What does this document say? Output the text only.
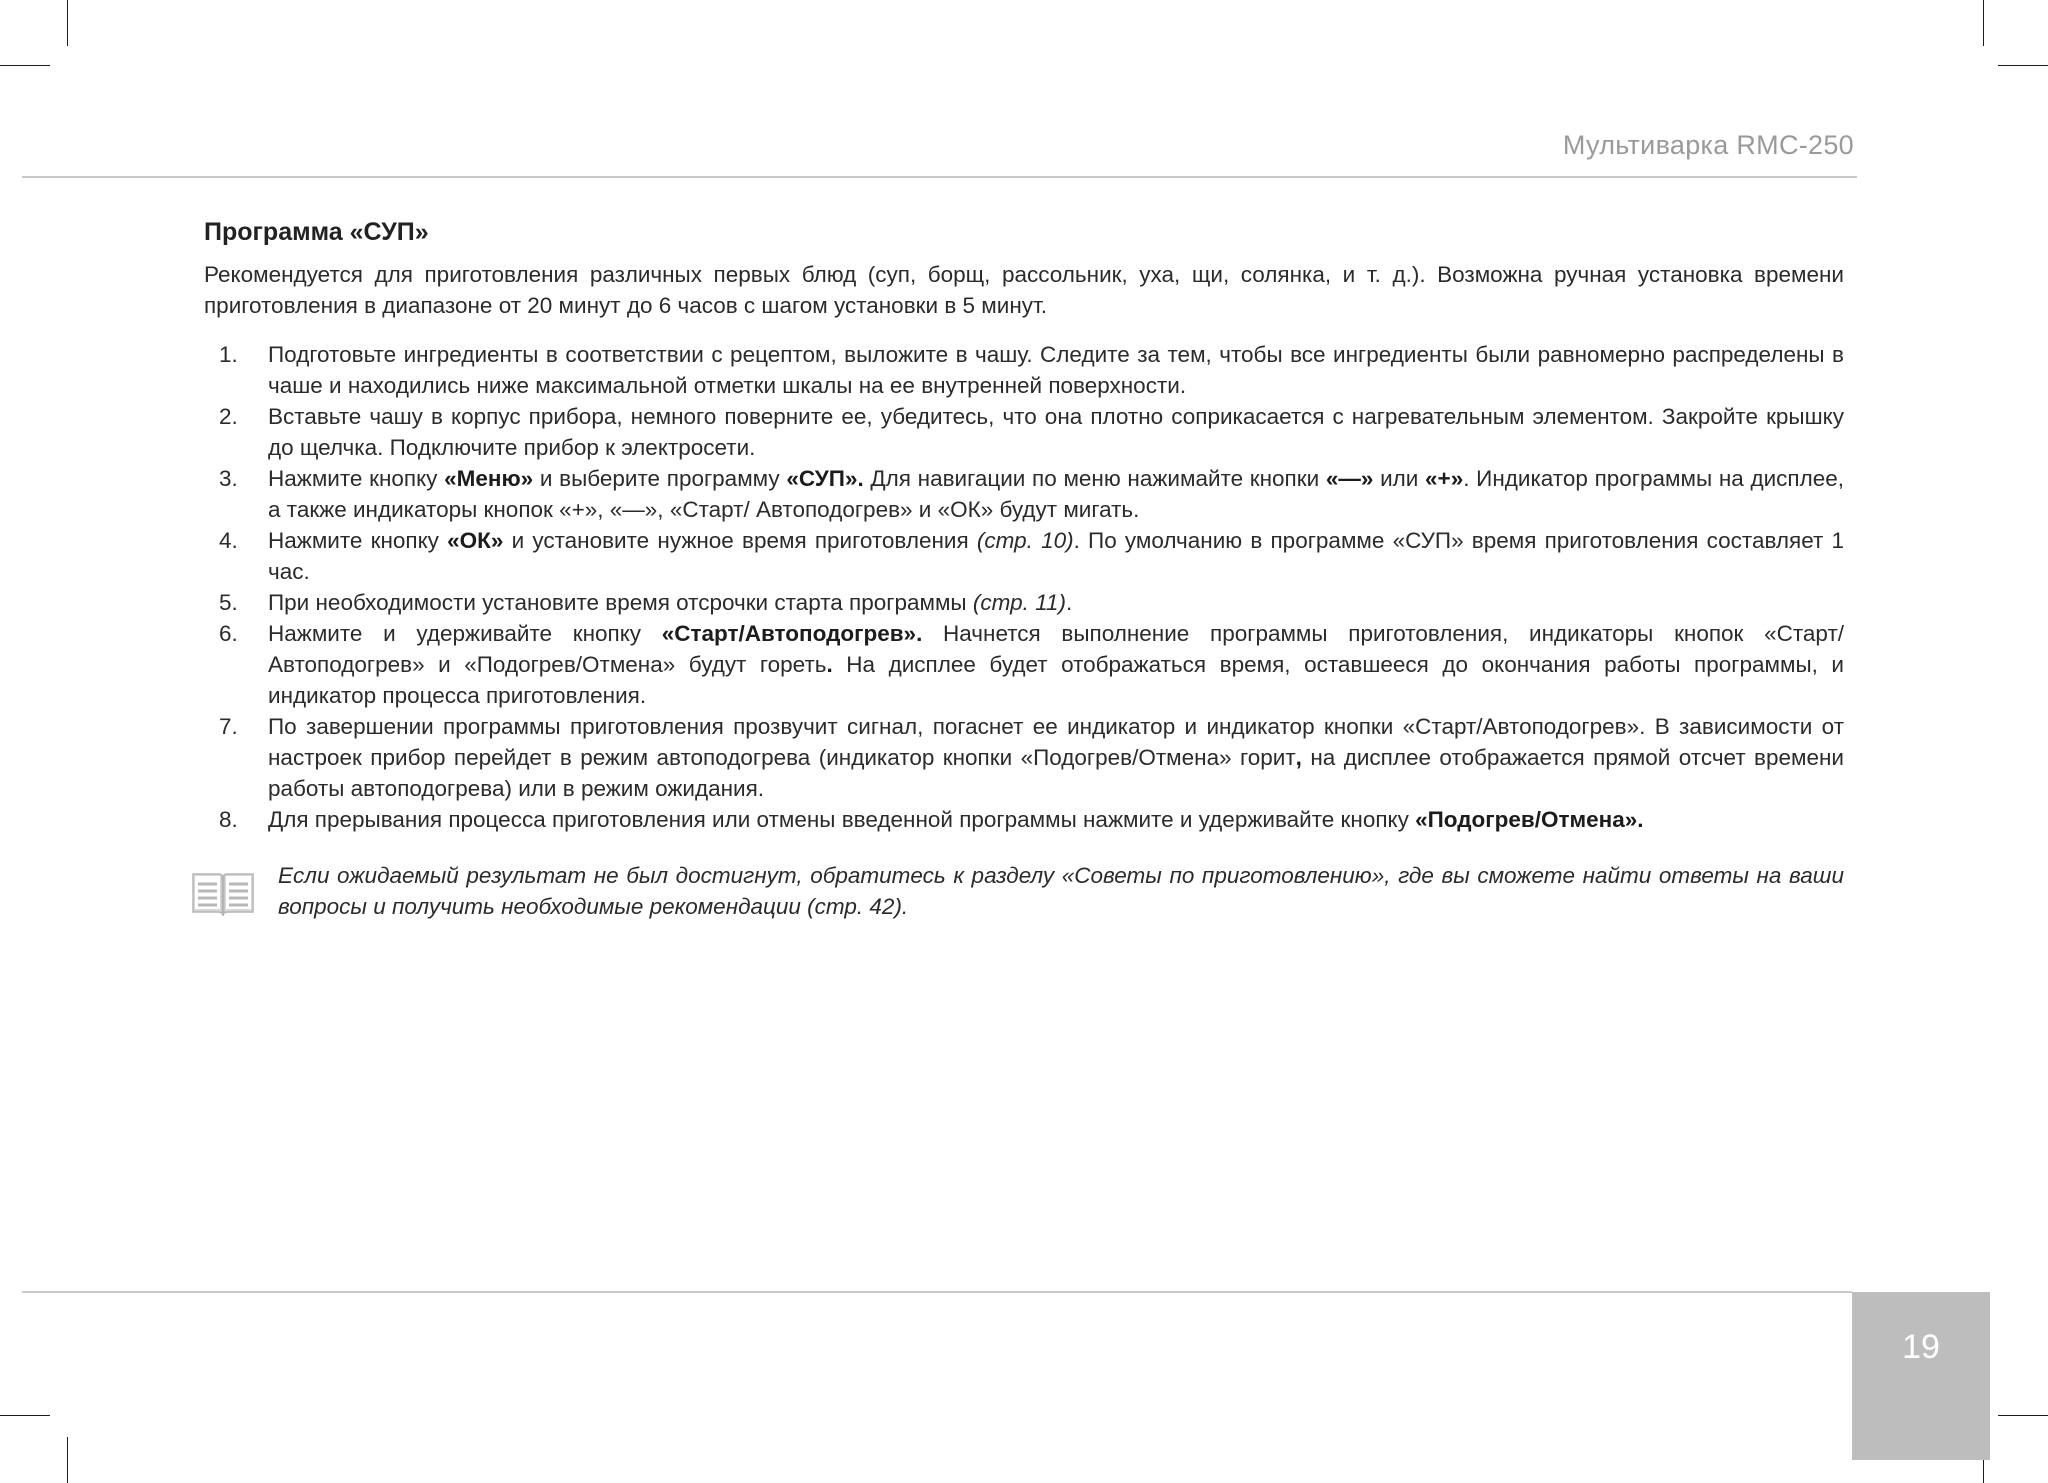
Мультиварка RMC-250
Программа «СУП»

Рекомендуется для приготовления различных первых блюд (суп, борщ, рассольник, уха, щи, солянка, и т. д.). Возможна ручная установка времени приготовления в диапазоне от 20 минут до 6 часов с шагом установки в 5 минут.

1. Подготовьте ингредиенты в соответствии с рецептом, выложите в чашу. Следите за тем, чтобы все ингредиенты были равномерно распределены в чаше и находились ниже максимальной отметки шкалы на ее внутренней поверхности.
2. Вставьте чашу в корпус прибора, немного поверните ее, убедитесь, что она плотно соприкасается с нагревательным элементом. Закройте крышку до щелчка. Подключите прибор к электросети.
3. Нажмите кнопку «Меню» и выберите программу «СУП». Для навигации по меню нажимайте кнопки «—» или «+». Индикатор программы на дисплее, а также индикаторы кнопок «+», «—», «Старт/ Автоподогрев» и «ОК» будут мигать.
4. Нажмите кнопку «ОК» и установите нужное время приготовления (стр. 10). По умолчанию в программе «СУП» время приготовления составляет 1 час.
5. При необходимости установите время отсрочки старта программы (стр. 11).
6. Нажмите и удерживайте кнопку «Старт/Автоподогрев». Начнется выполнение программы приготовления, индикаторы кнопок «Старт/ Автоподогрев» и «Подогрев/Отмена» будут гореть. На дисплее будет отображаться время, оставшееся до окончания работы программы, и индикатор процесса приготовления.
7. По завершении программы приготовления прозвучит сигнал, погаснет ее индикатор и индикатор кнопки «Старт/Автоподогрев». В зависимости от настроек прибор перейдет в режим автоподогрева (индикатор кнопки «Подогрев/Отмена» горит, на дисплее отображается прямой отсчет времени работы автоподогрева) или в режим ожидания.
8. Для прерывания процесса приготовления или отмены введенной программы нажмите и удерживайте кнопку «Подогрев/Отмена».

Если ожидаемый результат не был достигнут, обратитесь к разделу «Советы по приготовлению», где вы сможете найти ответы на ваши вопросы и получить необходимые рекомендации (стр. 42).

19
